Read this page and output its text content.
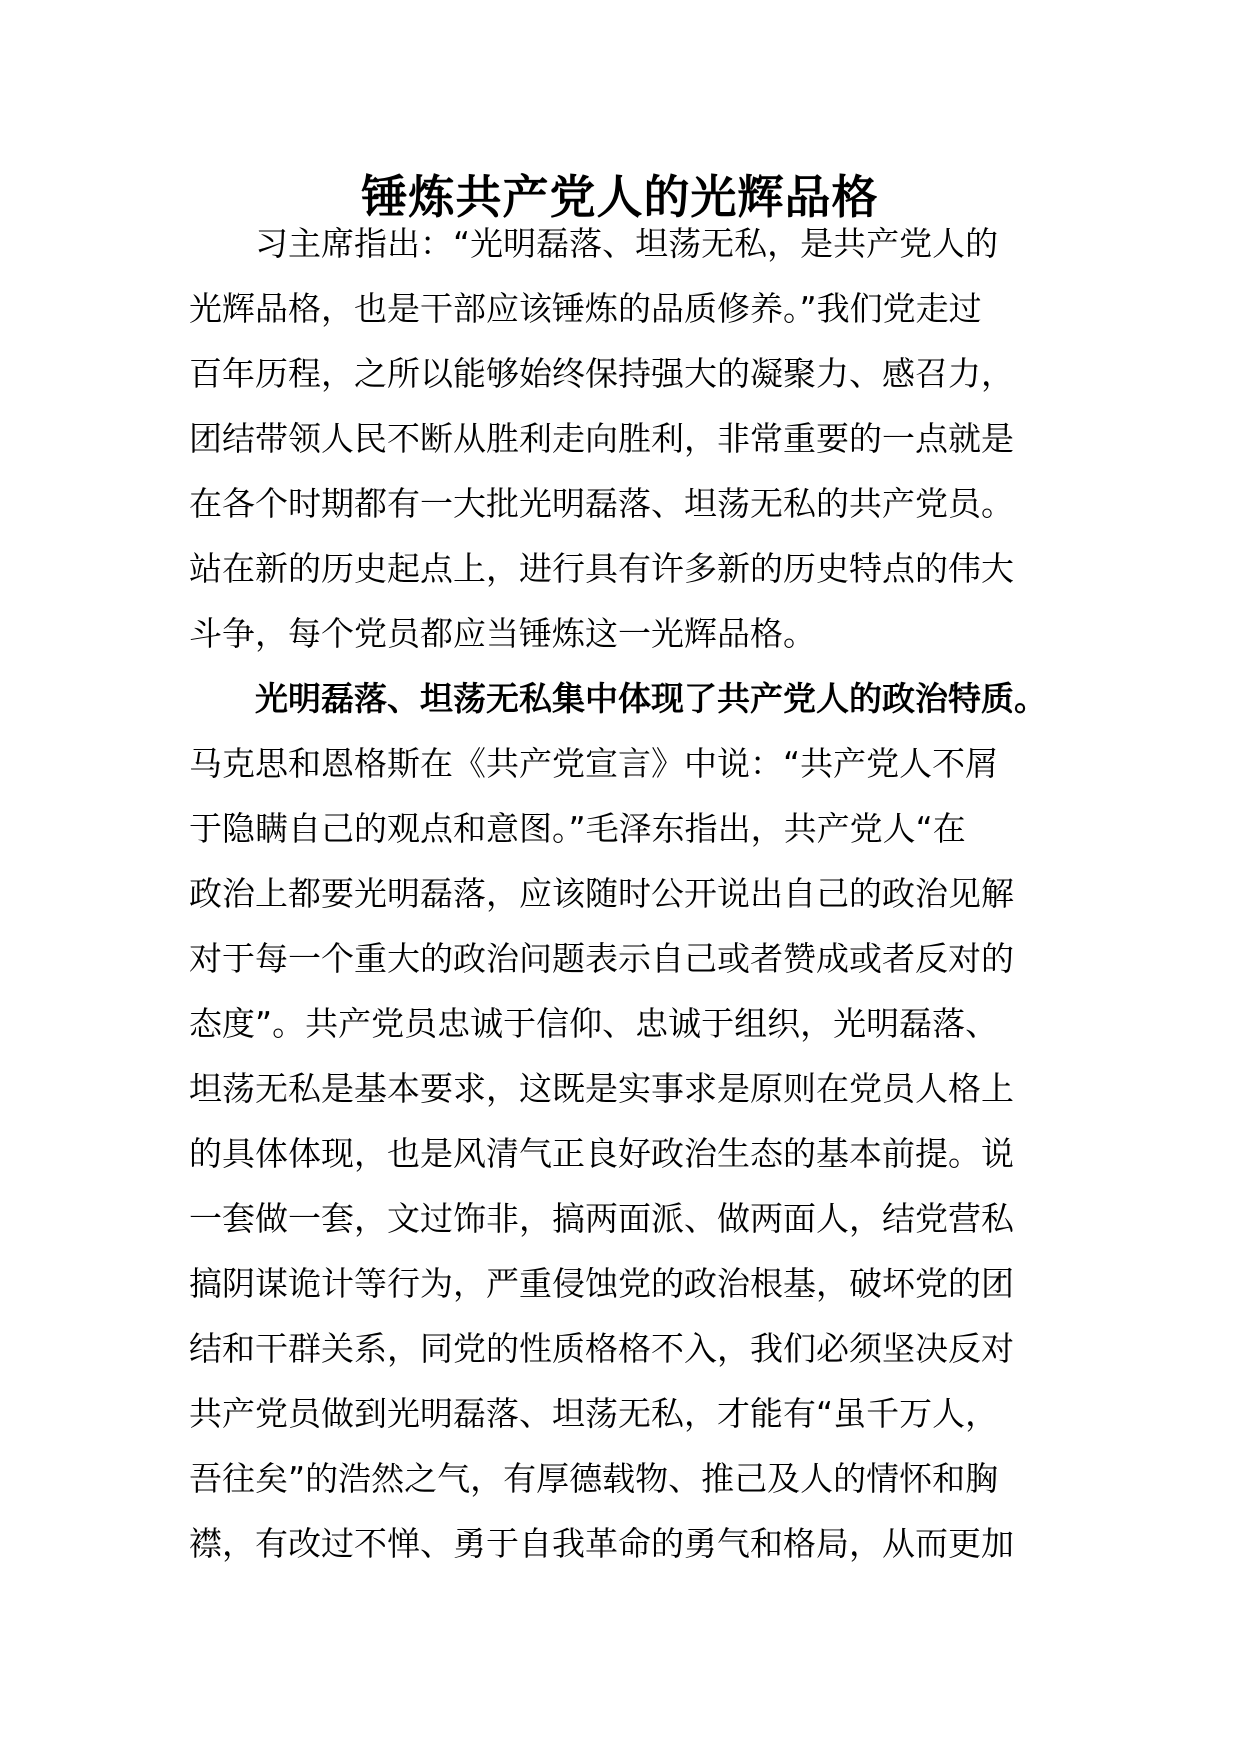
锤炼共产党人的光辉品格
习主席指出：“光明磊落、坦荡无私，是共产党人的
光辉品格，也是干部应该锤炼的品质修养。”我们党走过
百年历程，之所以能够始终保持强大的凝聚力、感召力，
团结带领人民不断从胜利走向胜利，非常重要的一点就是
在各个时期都有一大批光明磊落、坦荡无私的共产党员。
站在新的历史起点上，进行具有许多新的历史特点的伟大
斗争，每个党员都应当锤炼这一光辉品格。
光明磊落、坦荡无私集中体现了共产党人的政治特质。
马克思和恩格斯在《共产党宣言》中说：“共产党人不屑
于隐瞒自己的观点和意图。”毛泽东指出，共产党人“在
政治上都要光明磊落，应该随时公开说出自己的政治见解
对于每一个重大的政治问题表示自己或者赞成或者反对的
态度”。共产党员忠诚于信仰、忠诚于组织，光明磊落、
坦荡无私是基本要求，这既是实事求是原则在党员人格上
的具体体现，也是风清气正良好政治生态的基本前提。说
一套做一套，文过饰非，搞两面派、做两面人，结党营私
搞阴谋诡计等行为，严重侵蚀党的政治根基，破坏党的团
结和干群关系，同党的性质格格不入，我们必须坚决反对
共产党员做到光明磊落、坦荡无私，才能有“虽千万人，
吾往矣”的浩然之气，有厚德载物、推己及人的情怀和胸
襟，有改过不惮、勇于自我革命的勇气和格局，从而更加
